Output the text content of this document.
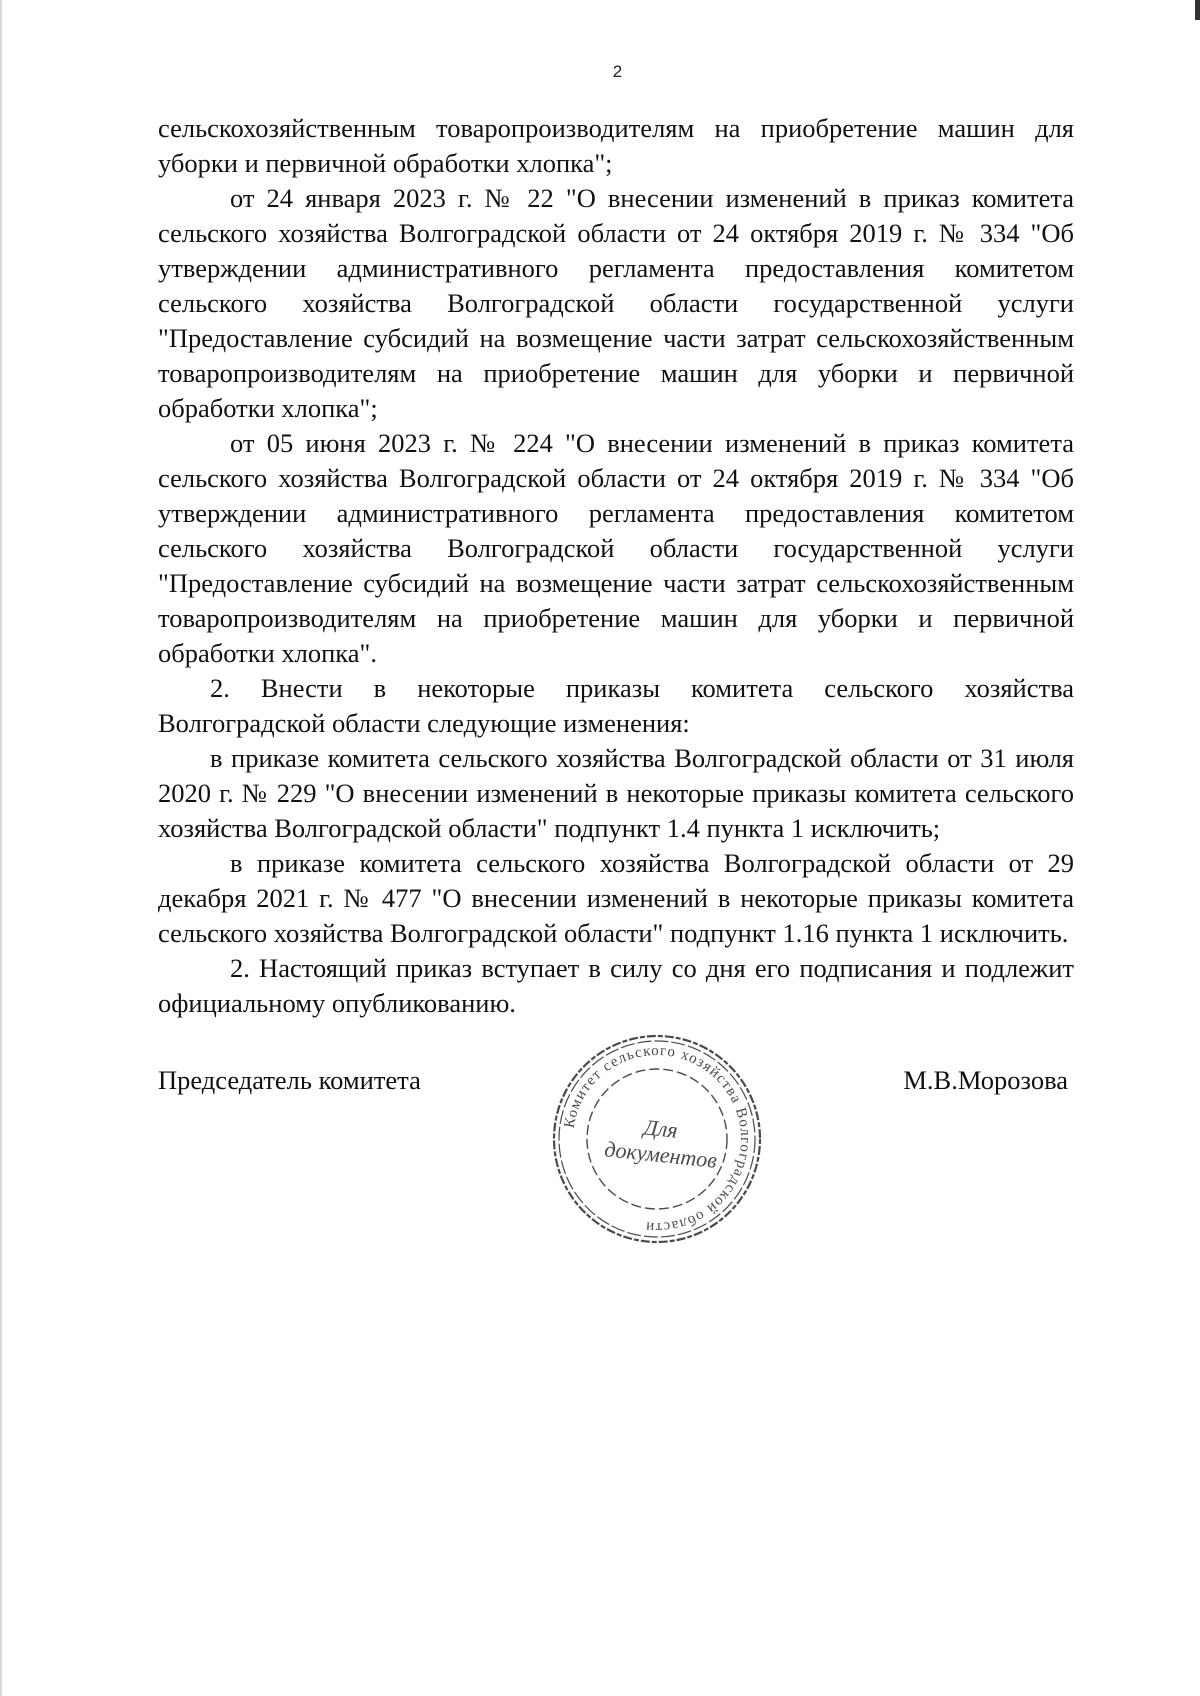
2

сельскохозяйственным товаропроизводителям на приобретение машин для уборки и первичной обработки хлопка";

от 24 января 2023 г. № 22 "О внесении изменений в приказ комитета сельского хозяйства Волгоградской области от 24 октября 2019 г. № 334 "Об утверждении административного регламента предоставления комитетом сельского хозяйства Волгоградской области государственной услуги "Предоставление субсидий на возмещение части затрат сельскохозяйственным товаропроизводителям на приобретение машин для уборки и первичной обработки хлопка";

от 05 июня 2023 г. № 224 "О внесении изменений в приказ комитета сельского хозяйства Волгоградской области от 24 октября 2019 г. № 334 "Об утверждении административного регламента предоставления комитетом сельского хозяйства Волгоградской области государственной услуги "Предоставление субсидий на возмещение части затрат сельскохозяйственным товаропроизводителям на приобретение машин для уборки и первичной обработки хлопка".

2. Внести в некоторые приказы комитета сельского хозяйства Волгоградской области следующие изменения:

в приказе комитета сельского хозяйства Волгоградской области от 31 июля 2020 г. № 229 "О внесении изменений в некоторые приказы комитета сельского хозяйства Волгоградской области" подпункт 1.4 пункта 1 исключить;

в приказе комитета сельского хозяйства Волгоградской области от 29 декабря 2021 г. № 477 "О внесении изменений в некоторые приказы комитета сельского хозяйства Волгоградской области" подпункт 1.16 пункта 1 исключить.

2. Настоящий приказ вступает в силу со дня его подписания и подлежит официальному опубликованию.

Председатель комитета	М.В.Морозова
Комитет сельского хозяйства Волгоградской области
Для
документов
